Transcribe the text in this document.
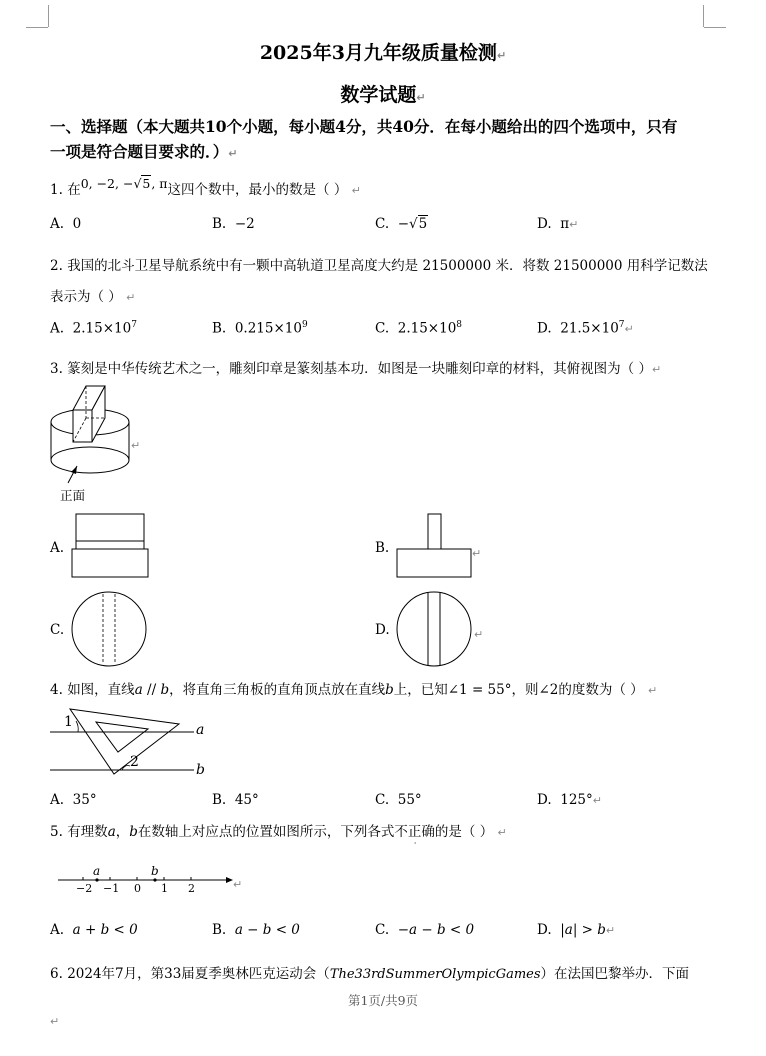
2025年3月九年级质量检测↵
数学试题↵
一、选择题（本大题共10个小题，每小题4分，共40分．在每小题给出的四个选项中，只有
一项是符合题目要求的．）↵
1. 在0, −2, −√5, π这四个数中，最小的数是（ ） ↵
A. 0	B. −2	C. −√5	D. π↵
2. 我国的北斗卫星导航系统中有一颗中高轨道卫星高度大约是 21500000 米．将数 21500000 用科学记数法
表示为（ ） ↵
A. $2.15\times 10^7$	B. $0.215\times 10^9$	C. $2.15\times 10^8$	D. $21.5\times 10^7↵$
3. 篆刻是中华传统艺术之一，雕刻印章是篆刻基本功．如图是一块雕刻印章的材料，其俯视图为（ ）↵
↵
正面
A.	B.	↵
C.	D.	↵
4. 如图，直线a // b，将直角三角板的直角顶点放在直线b上，已知∠1 = 55°，则∠2的度数为（ ） ↵
1
2
a
b
A. 35°	B. 45°	C. 55°	D. 125°↵
5. 有理数a，b在数轴上对应点的位置如图所示，下列各式不正
·
确的是（ ） ↵
a	b
−2 −1 0 1 2	↵
A. a + b < 0	B. a − b < 0	C. −a − b < 0	D. |a| > b↵
6. 2024年7月，第33届夏季奥林匹克运动会（The33rdSummerOlympicGames）在法国巴黎举办．下面
第1页/共9页
↵
